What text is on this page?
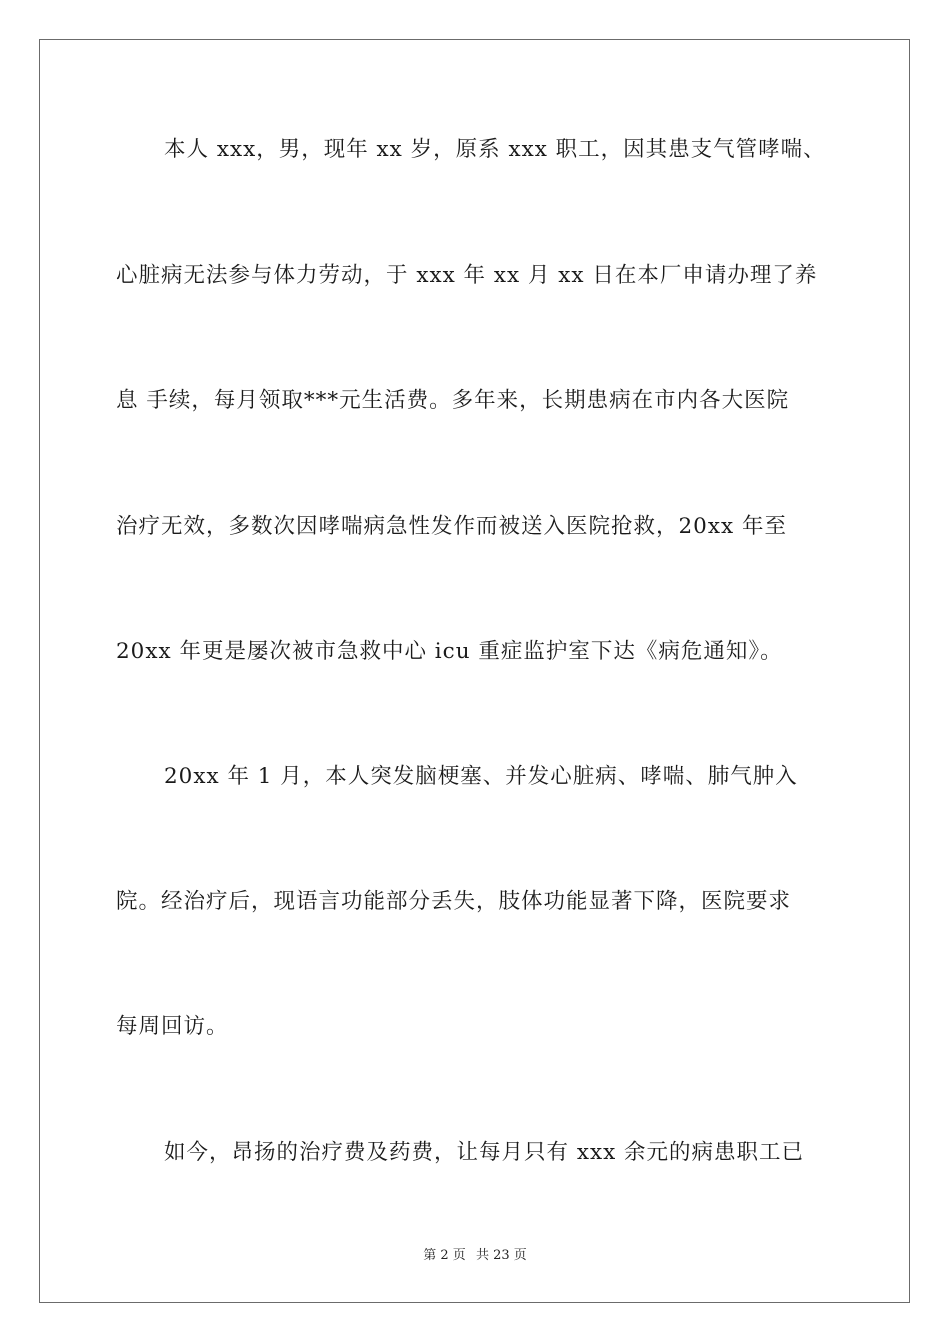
本人 xxx，男，现年 xx 岁，原系 xxx 职工，因其患支气管哮喘、
心脏病无法参与体力劳动，于 xxx 年 xx 月 xx 日在本厂申请办理了养
息 手续，每月领取***元生活费。多年来，长期患病在市内各大医院
治疗无效，多数次因哮喘病急性发作而被送入医院抢救，20xx 年至
20xx 年更是屡次被市急救中心 icu 重症监护室下达《病危通知》。
20xx 年 1 月，本人突发脑梗塞、并发心脏病、哮喘、肺气肿入
院。经治疗后，现语言功能部分丢失，肢体功能显著下降，医院要求
每周回访。
如今，昂扬的治疗费及药费，让每月只有 xxx 余元的病患职工已
第 2 页 共 23 页
